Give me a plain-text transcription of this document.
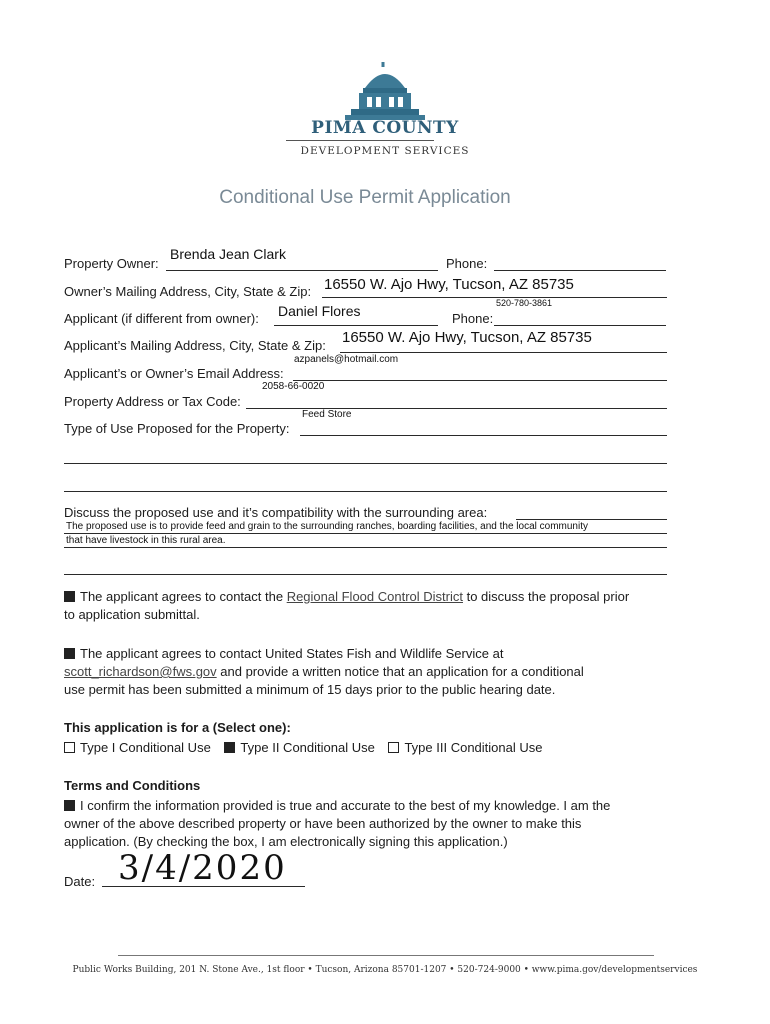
PIMA COUNTY
DEVELOPMENT SERVICES
Conditional Use Permit Application
Property Owner:
Brenda Jean Clark
Phone:
Owner’s Mailing Address, City, State & Zip: 16550 W. Ajo Hwy, Tucson, AZ 85735
520-780-3861
Applicant (if different from owner): Daniel Flores	Phone:
Applicant’s Mailing Address, City, State & Zip: 16550 W. Ajo Hwy, Tucson, AZ 85735
azpanels@hotmail.com
Applicant’s or Owner’s Email Address:
2058-66-0020
Property Address or Tax Code:
Feed Store
Type of Use Proposed for the Property:
Discuss the proposed use and it’s compatibility with the surrounding area:
The proposed use is to provide feed and grain to the surrounding ranches, boarding facilities, and the local community
that have livestock in this rural area.
The applicant agrees to contact the Regional Flood Control District to discuss the proposal prior
to application submittal.
The applicant agrees to contact United States Fish and Wildlife Service at
scott_richardson@fws.gov and provide a written notice that an application for a conditional
use permit has been submitted a minimum of 15 days prior to the public hearing date.
This application is for a (Select one):
Type I Conditional Use Type II Conditional Use Type III Conditional Use
Terms and Conditions
I confirm the information provided is true and accurate to the best of my knowledge. I am the
owner of the above described property or have been authorized by the owner to make this
application. (By checking the box, I am electronically signing this application.)
Date: 3/4/2020
Public Works Building, 201 N. Stone Ave., 1st floor • Tucson, Arizona 85701-1207 • 520-724-9000 • www.pima.gov/developmentservices
